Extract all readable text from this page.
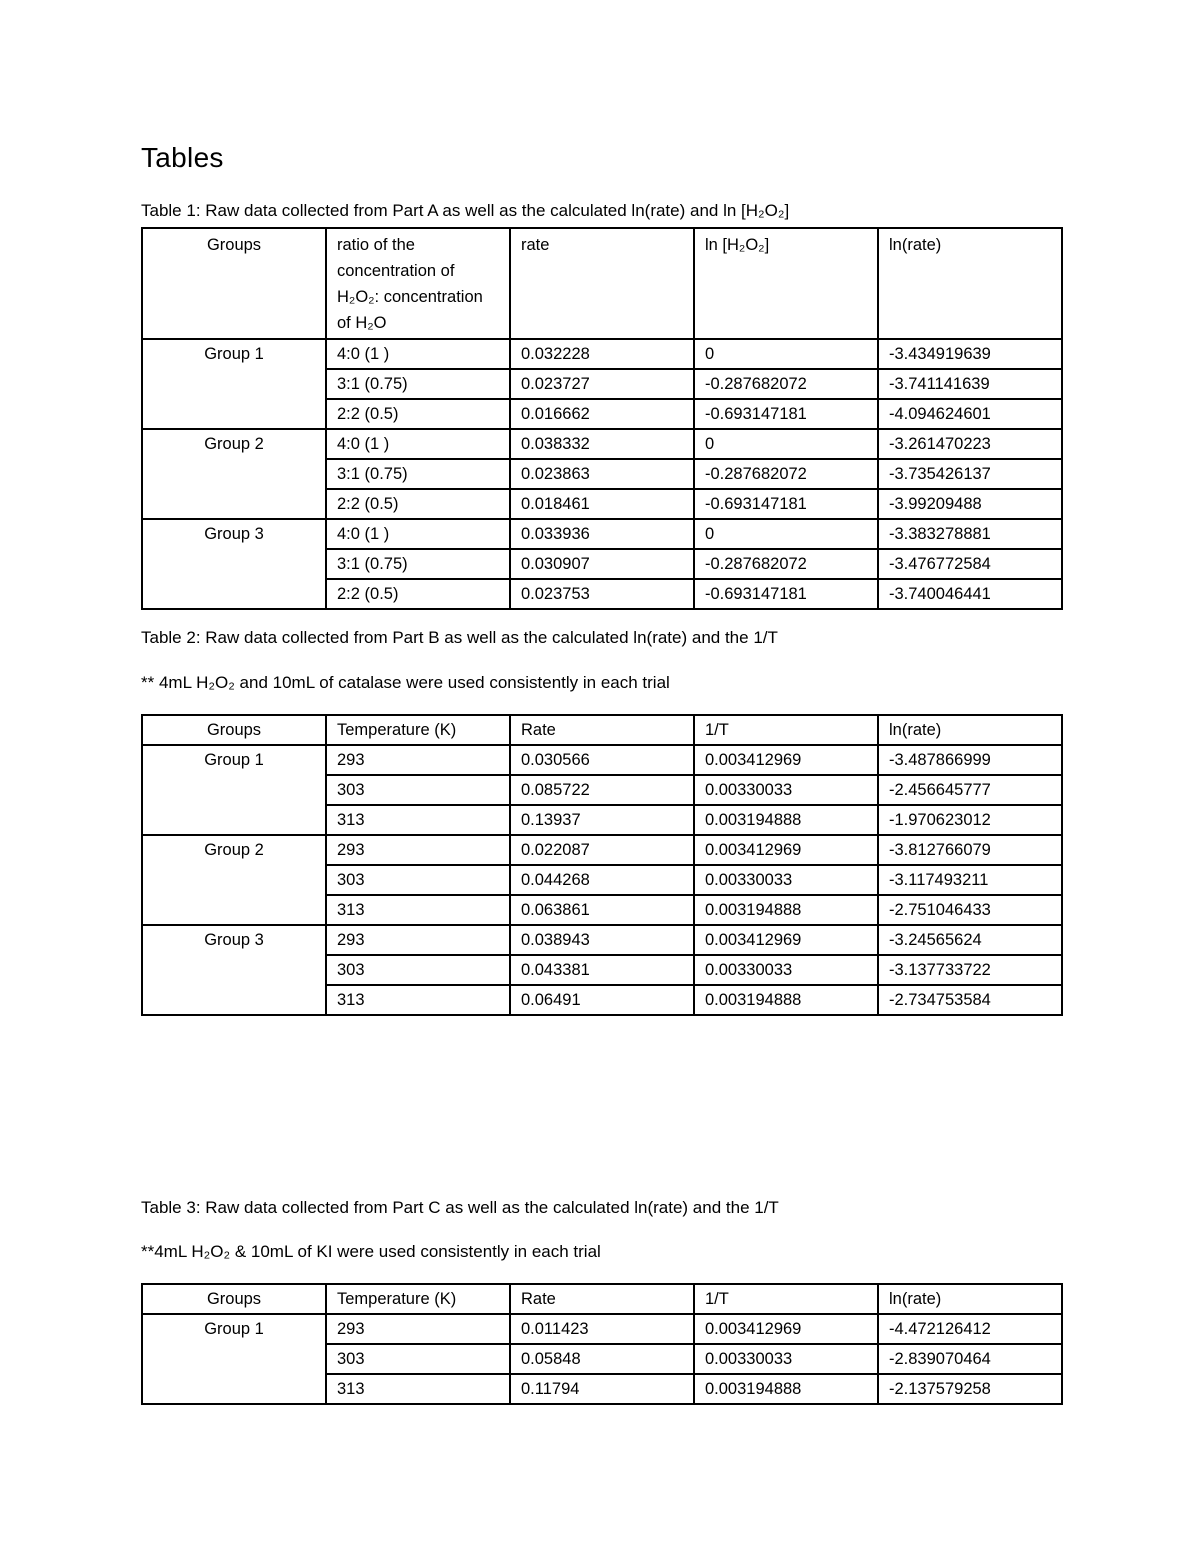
Tables
Table 1: Raw data collected from Part A as well as the calculated ln(rate) and ln [H₂O₂]
Groups	ratio of the concentration of H₂O₂: concentration of H₂O	rate	ln [H₂O₂]	ln(rate)
Group 1	4:0 (1 )	0.032228	0	-3.434919639
	3:1 (0.75)	0.023727	-0.287682072	-3.741141639
	2:2 (0.5)	0.016662	-0.693147181	-4.094624601
Group 2	4:0 (1 )	0.038332	0	-3.261470223
	3:1 (0.75)	0.023863	-0.287682072	-3.735426137
	2:2 (0.5)	0.018461	-0.693147181	-3.99209488
Group 3	4:0 (1 )	0.033936	0	-3.383278881
	3:1 (0.75)	0.030907	-0.287682072	-3.476772584
	2:2 (0.5)	0.023753	-0.693147181	-3.740046441
Table 2: Raw data collected from Part B as well as the calculated ln(rate) and the 1/T
** 4mL H₂O₂ and 10mL of catalase were used consistently in each trial
Groups	Temperature (K)	Rate	1/T	ln(rate)
Group 1	293	0.030566	0.003412969	-3.487866999
	303	0.085722	0.00330033	-2.456645777
	313	0.13937	0.003194888	-1.970623012
Group 2	293	0.022087	0.003412969	-3.812766079
	303	0.044268	0.00330033	-3.117493211
	313	0.063861	0.003194888	-2.751046433
Group 3	293	0.038943	0.003412969	-3.24565624
	303	0.043381	0.00330033	-3.137733722
	313	0.06491	0.003194888	-2.734753584
Table 3: Raw data collected from Part C as well as the calculated ln(rate) and the 1/T
**4mL H₂O₂ & 10mL of KI were used consistently in each trial
Groups	Temperature (K)	Rate	1/T	ln(rate)
Group 1	293	0.011423	0.003412969	-4.472126412
	303	0.05848	0.00330033	-2.839070464
	313	0.11794	0.003194888	-2.137579258
